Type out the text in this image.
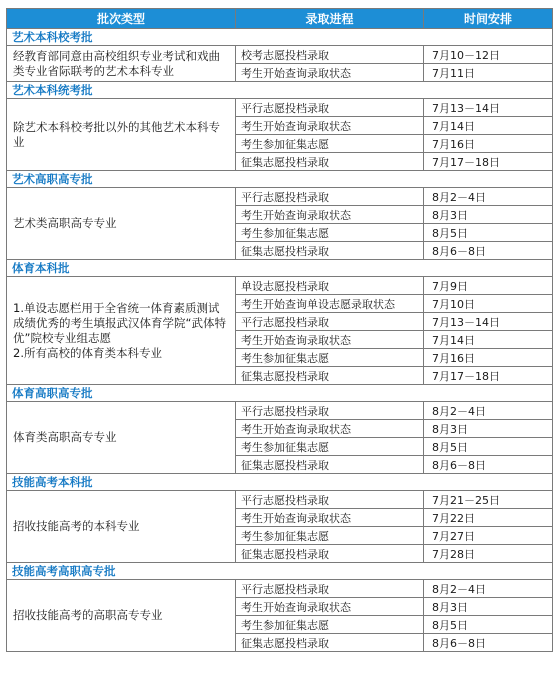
批次类型	录取进程	时间安排
艺术本科校考批		
经教育部同意由高校组织专业考试和戏曲类专业省际联考的艺术本科专业	校考志愿投档录取	7月10－12日
	考生开始查询录取状态	7月11日
艺术本科统考批		
除艺术本科校考批以外的其他艺术本科专业	平行志愿投档录取	7月13－14日
	考生开始查询录取状态	7月14日
	考生参加征集志愿	7月16日
	征集志愿投档录取	7月17－18日
艺术高职高专批		
艺术类高职高专专业	平行志愿投档录取	8月2－4日
	考生开始查询录取状态	8月3日
	考生参加征集志愿	8月5日
	征集志愿投档录取	8月6－8日
体育本科批		

1.单设志愿栏用于全省统一体育素质测试成绩优秀的考生填报武汉体育学院“武体特优”院校专业组志愿
2.所有高校的体育类本科专业	单设志愿投档录取	7月9日
	考生开始查询单设志愿录取状态	7月10日
	平行志愿投档录取	7月13－14日
	考生开始查询录取状态	7月14日
	考生参加征集志愿	7月16日
	征集志愿投档录取	7月17－18日
体育高职高专批		
体育类高职高专专业	平行志愿投档录取	8月2－4日
	考生开始查询录取状态	8月3日
	考生参加征集志愿	8月5日
	征集志愿投档录取	8月6－8日
技能高考本科批		
招收技能高考的本科专业	平行志愿投档录取	7月21－25日
	考生开始查询录取状态	7月22日
	考生参加征集志愿	7月27日
	征集志愿投档录取	7月28日
技能高考高职高专批		
招收技能高考的高职高专专业	平行志愿投档录取	8月2－4日
	考生开始查询录取状态	8月3日
	考生参加征集志愿	8月5日
	征集志愿投档录取	8月6－8日
